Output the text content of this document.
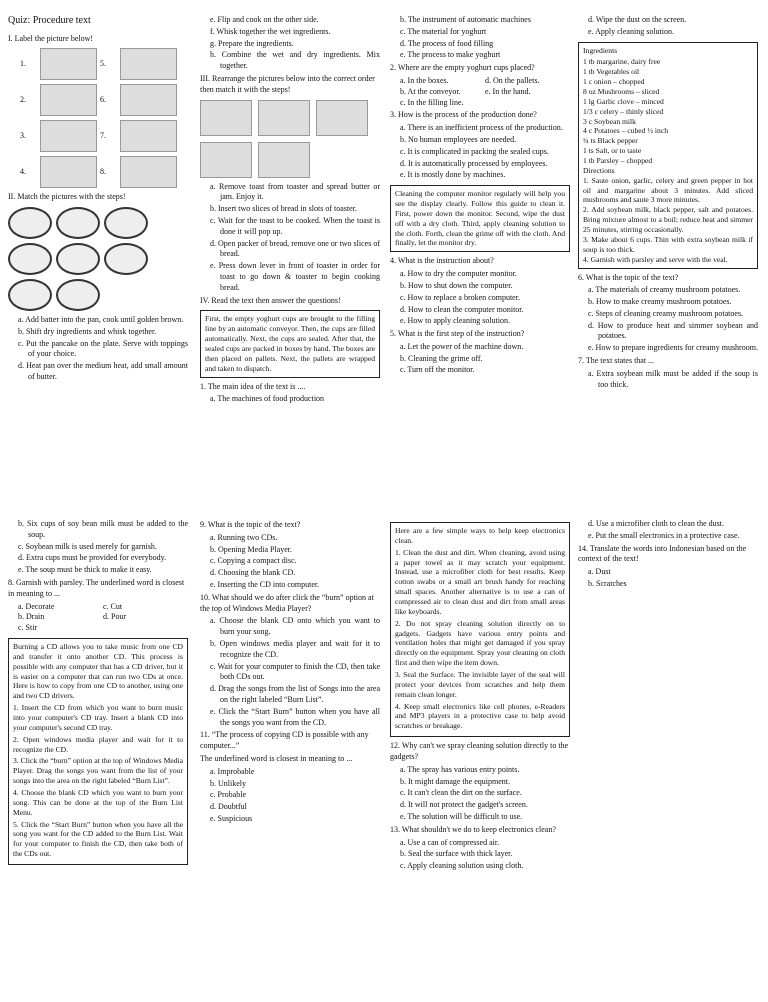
Quiz: Procedure text
I. Label the picture below!
1.	5.
2.	6.
3.	7.
4.	8.
II. Match the pictures with the steps!
a. Add batter into the pan, cook until golden brown.
b. Shift dry ingredients and whisk together.
c. Put the pancake on the plate. Serve with toppings of your choice.
d. Heat pan over the medium heat, add small amount of butter.
e. Flip and cook on the other side.
f. Whisk together the wet ingredients.
g. Prepare the ingredients.
h. Combine the wet and dry ingredients. Mix together.
III. Rearrange the pictures below into the correct order then match it with the steps!
a. Remove toast from toaster and spread butter or jam. Enjoy it.
b. Insert two slices of bread in slots of toaster.
c. Wait for the toast to be cooked. When the toast is done it will pop up.
d. Open packer of bread, remove one or two slices of bread.
e. Press down lever in front of toaster in order for toast to go down & toaster to begin cooking bread.
IV. Read the text then answer the questions!
First, the empty yoghurt cups are brought to the filling line by an automatic conveyor. Then, the cups are filled automatically. Next, the cups are sealed. After that, the sealed cups are packed in boxes by hand. The boxes are then placed on pallets. Next, the pallets are wrapped and taken to dispatch.
1. The main idea of the text is ....
a. The machines of food production
b. The instrument of automatic machines
c. The material for yoghurt
d. The process of food filling
e. The process to make yoghurt
2. Where are the empty yoghurt cups placed?
a. In the boxes.	d. On the pallets.
b. At the conveyor.	e. In the hand.
c. In the filling line.
3. How is the process of the production done?
a. There is an inefficient process of the production.
b. No human employees are needed.
c. It is complicated in packing the sealed cups.
d. It is automatically processed by employees.
e. It is mostly done by machines.
Cleaning the computer monitor regularly will help you see the display clearly. Follow this guide to clean it. First, power down the monitor. Second, wipe the dust off with a dry cloth. Third, apply cleaning solution to the cloth. Forth, clean the grime off with the cloth. And finally, let the monitor dry.
4. What is the instruction about?
a. How to dry the computer monitor.
b. How to shut down the computer.
c. How to replace a broken computer.
d. How to clean the computer monitor.
e. How to apply cleaning solution.
5. What is the first step of the instruction?
a. Let the power of the machine down.
b. Cleaning the grime off.
c. Turn off the monitor.
d. Wipe the dust on the screen.
e. Apply cleaning solution.

Ingredients

1 tb margarine, dairy free
1 tb Vegetables oil
1 c onion – chopped
8 oz Mushrooms – sliced
1 lg Garlic clove – minced
1/3 c celery – thinly sliced
3 c Soybean milk
4 c Potatoes – cubed ½ inch
¼ ts Black pepper
1 ts Salt, or to taste
1 tb Parsley – chopped
Directions
1. Saute onion, garlic, celery and green pepper in hot oil and margarine about 3 minutes. Add sliced mushrooms and saute 3 more minutes.
2. Add soybean milk, black pepper, salt and potatoes. Bring mixture almost to a boil; reduce heat and simmer 25 minutes, stirring occasionally.
3. Make about 6 cups. Thin with extra soybean milk if soup is too thick.
4. Garnish with parsley and serve with the veal.
6. What is the topic of the text?
a. The materials of creamy mushroom potatoes.
b. How to make creamy mushroom potatoes.
c. Steps of cleaning creamy mushroom potatoes.
d. How to produce heat and simmer soybean and potatoes.
e. How to prepare ingredients for creamy mushroom.
7. The text states that ...
a. Extra soybean milk must be added if the soup is too thick.
b. Six cups of soy bean milk must be added to the soup.
c. Soybean milk is used merely for garnish.
d. Extra cups must be provided for everybody.
e. The soup must be thick to make it easy.
8. Garnish with parsley. The underlined word is closest in meaning to ...
a. Decorate	c. Cut
b. Drain	d. Pour
c. Stir

Burning a CD allows you to take music from one CD and transfer it onto another CD. This process is possible with any computer that has a CD driver, but it is easier on a computer that can run two CDs at once. Here is how to copy from one CD to another, using one and two CD drivers.

1. Insert the CD from which you want to burn music into your computer's CD tray. Insert a blank CD into your computer's second CD tray.

2. Open windows media player and wait for it to recognize the CD.

3. Click the “burn” option at the top of Windows Media Player. Drag the songs you want from the list of your songs into the area on the right labeled “Burn List”.

4. Choose the blank CD which you want to burn your song. This can be done at the top of the Burn List Menu.

5. Click the “Start Burn” button when you have all the song you want for the CD added to the Burn List. Wait for your computer to finish the CD, then take both of the CDs out.

9. What is the topic of the text?
a. Running two CDs.
b. Opening Media Player.
c. Copying a compact disc.
d. Choosing the blank CD.
e. Inserting the CD into computer.
10. What should we do after click the “burn” option at the top of Windows Media Player?
a. Choose the blank CD onto which you want to burn your song.
b. Open windows media player and wait for it to recognize the CD.
c. Wait for your computer to finish the CD, then take both CDs out.
d. Drag the songs from the list of Songs into the area on the right labeled “Burn List”.
e. Click the “Start Burn” button when you have all the songs you want from the CD.
11. “The process of copying CD is possible with any computer...”
The underlined word is closest in meaning to ...
a. Improbable
b. Unlikely
c. Probable
d. Doubtful
e. Suspicious

Here are a few simple ways to help keep electronics clean.

1. Clean the dust and dirt. When cleaning, avoid using a paper towel as it may scratch your equipment. Instead, use a microfiber cloth for best results. Keep cotton swabs or a small art brush handy for reaching small spaces. Another alternative is to use a can of compressed air to clean dust and dirt from small areas like keyboards.

2. Do not spray cleaning solution directly on to gadgets. Gadgets have various entry points and ventilation holes that might get damaged if you spray directly on the equipment. Spray your cleaning on cloth first and then wipe the item down.

3. Seal the Surface. The invisible layer of the seal will protect your devices from scratches and help them remain clean longer.

4. Keep small electronics like cell phones, e-Readers and MP3 players in a protective case to help avoid scratches or breakage.

12. Why can't we spray cleaning solution directly to the gadgets?
a. The spray has various entry points.
b. It might damage the equipment.
c. It can't clean the dirt on the surface.
d. It will not protect the gadget's screen.
e. The solution will be difficult to use.
13. What shouldn't we do to keep electronics clean?
a. Use a can of compressed air.
b. Seal the surface with thick layer.
c. Apply cleaning solution using cloth.
d. Use a microfiber cloth to clean the dust.
e. Put the small electronics in a protective case.
14. Translate the words into Indonesian based on the context of the text!
a. Dust
b. Scratches
